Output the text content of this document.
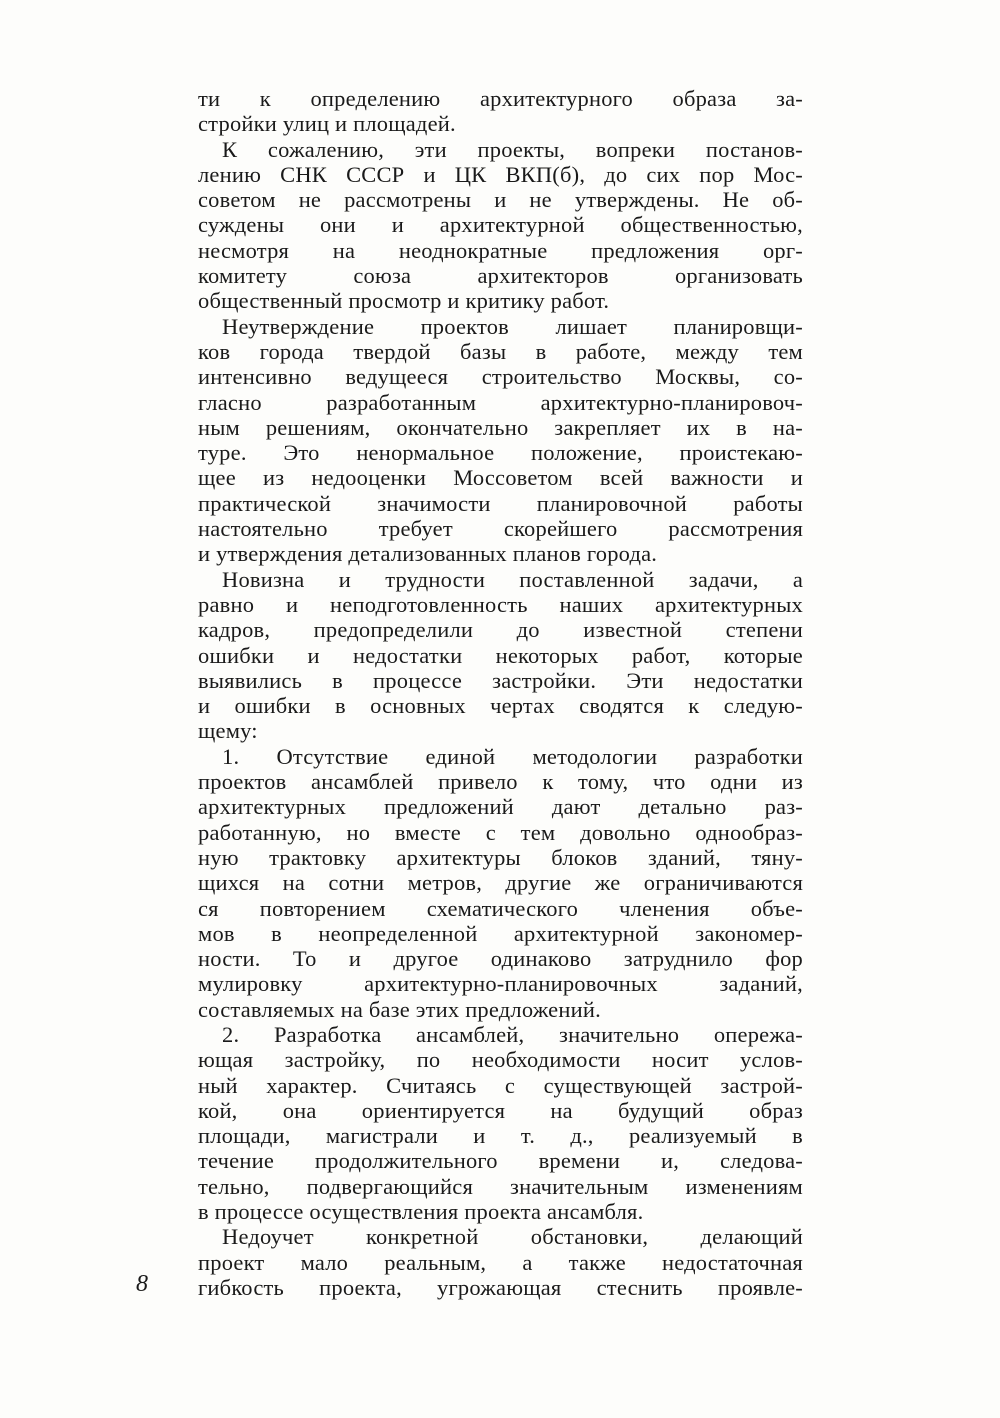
ти к определению архитектурного образа за-
стройки улиц и площадей.
К сожалению, эти проекты, вопреки постанов-
лению СНК СССР и ЦК ВКП(б), до сих пор Мос-
советом не рассмотрены и не утверждены. Не об-
суждены они и архитектурной общественностью,
несмотря на неоднократные предложения орг-
комитету союза архитекторов организовать
общественный просмотр и критику работ.
Неутверждение проектов лишает планировщи-
ков города твердой базы в работе, между тем
интенсивно ведущееся строительство Москвы, со-
гласно разработанным архитектурно-планировоч-
ным решениям, окончательно закрепляет их в на-
туре. Это ненормальное положение, проистекаю-
щее из недооценки Моссоветом всей важности и
практической значимости планировочной работы
настоятельно требует скорейшего рассмотрения
и утверждения детализованных планов города.
Новизна и трудности поставленной задачи, а
равно и неподготовленность наших архитектурных
кадров, предопределили до известной степени
ошибки и недостатки некоторых работ, которые
выявились в процессе застройки. Эти недостатки
и ошибки в основных чертах сводятся к следую-
щему:
1. Отсутствие единой методологии разработки
проектов ансамблей привело к тому, что одни из
архитектурных предложений дают детально раз-
работанную, но вместе с тем довольно однообраз-
ную трактовку архитектуры блоков зданий, тяну-
щихся на сотни метров, другие же ограничиваются
ся повторением схематического членения объе-
мов в неопределенной архитектурной закономер-
ности. То и другое одинаково затруднило фор
мулировку архитектурно-планировочных заданий,
составляемых на базе этих предложений.
2. Разработка ансамблей, значительно опережа-
ющая застройку, по необходимости носит услов-
ный характер. Считаясь с существующей застрой-
кой, она ориентируется на будущий образ
площади, магистрали и т. д., реализуемый в
течение продолжительного времени и, следова-
тельно, подвергающийся значительным изменениям
в процессе осуществления проекта ансамбля.
Недоучет конкретной обстановки, делающий
проект мало реальным, а также недостаточная
гибкость проекта, угрожающая стеснить проявле-
8
